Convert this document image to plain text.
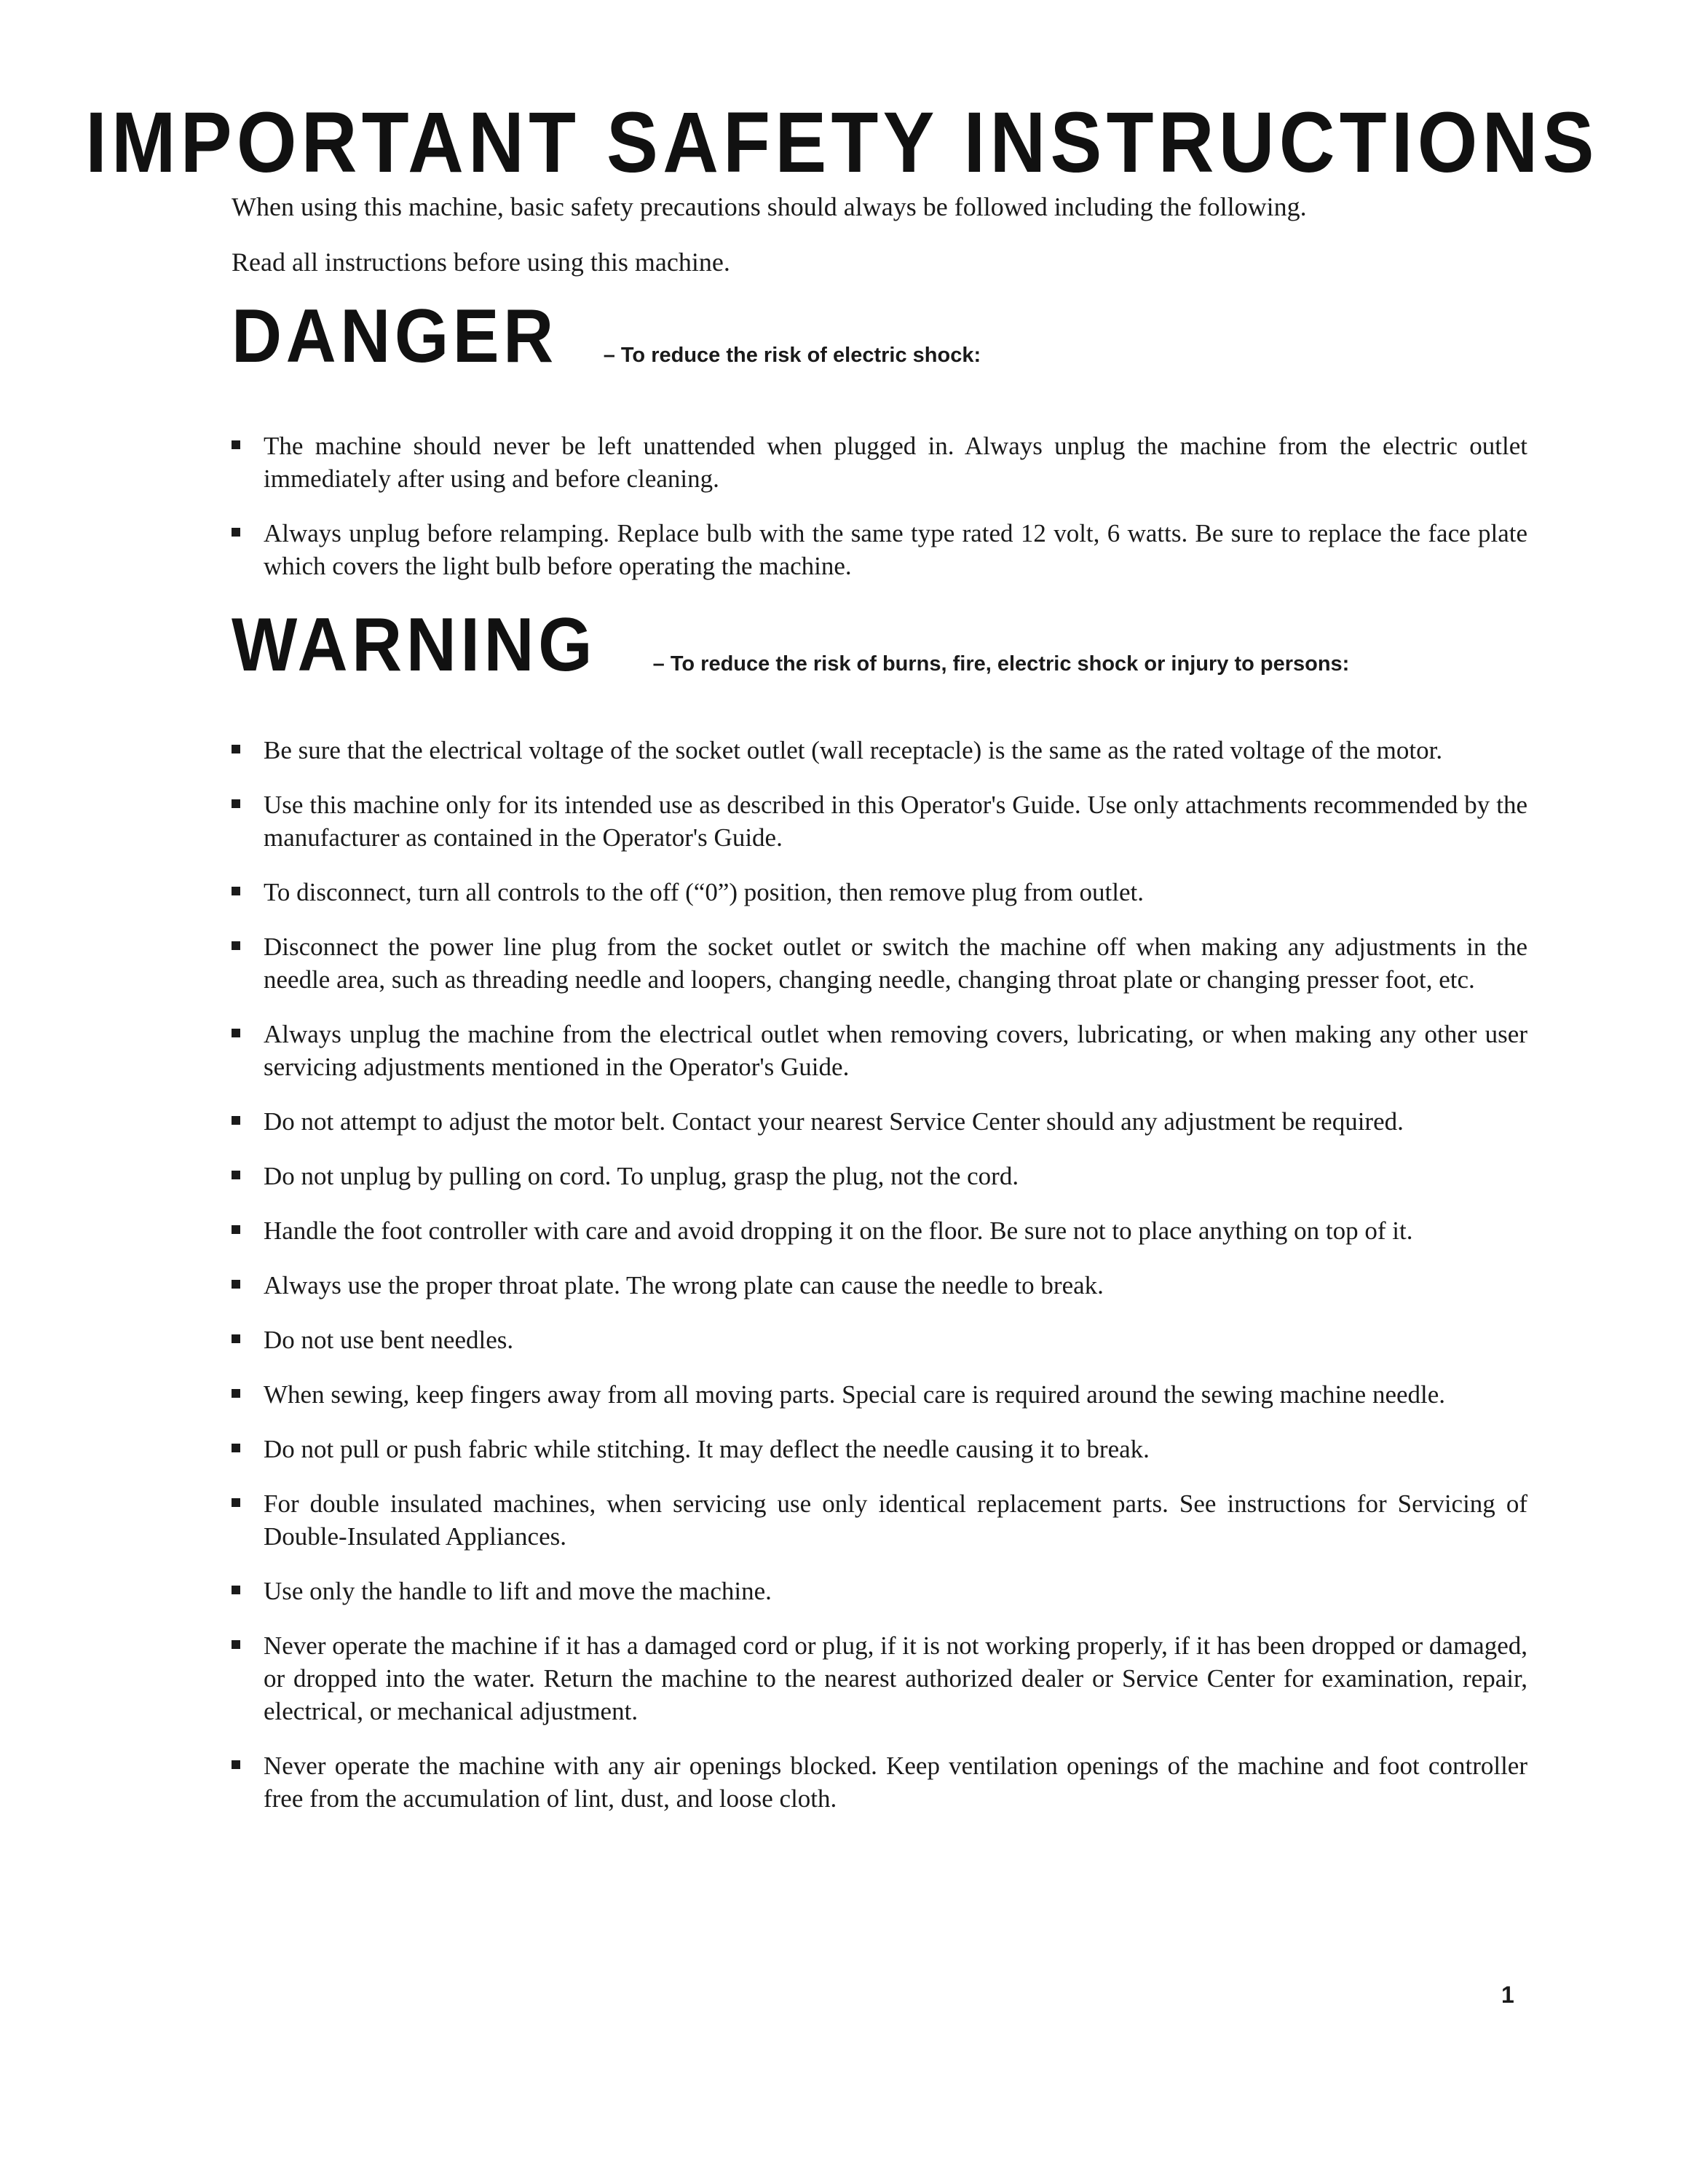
IMPORTANT SAFETY INSTRUCTIONS
When using this machine, basic safety precautions should always be followed including the following.
Read all instructions before using this machine.
DANGER – To reduce the risk of electric shock:
The machine should never be left unattended when plugged in. Always unplug the machine from the electric outlet immediately after using and before cleaning.
Always unplug before relamping. Replace bulb with the same type rated 12 volt, 6 watts. Be sure to replace the face plate which covers the light bulb before operating the machine.
WARNING	– To reduce the risk of burns, fire, electric shock or injury to persons:
Be sure that the electrical voltage of the socket outlet (wall receptacle) is the same as the rated voltage of the motor.
Use this machine only for its intended use as described in this Operator's Guide. Use only attachments recommended by the manufacturer as contained in the Operator's Guide.
To disconnect, turn all controls to the off (“0”) position, then remove plug from outlet.
Disconnect the power line plug from the socket outlet or switch the machine off when making any adjustments in the needle area, such as threading needle and loopers, changing needle, changing throat plate or changing presser foot, etc.
Always unplug the machine from the electrical outlet when removing covers, lubricating, or when making any other user servicing adjustments mentioned in the Operator's Guide.
Do not attempt to adjust the motor belt. Contact your nearest Service Center should any adjustment be required.
Do not unplug by pulling on cord. To unplug, grasp the plug, not the cord.
Handle the foot controller with care and avoid dropping it on the floor. Be sure not to place anything on top of it.
Always use the proper throat plate. The wrong plate can cause the needle to break.
Do not use bent needles.
When sewing, keep fingers away from all moving parts. Special care is required around the sewing machine needle.
Do not pull or push fabric while stitching. It may deflect the needle causing it to break.
For double insulated machines, when servicing use only identical replacement parts. See instructions for Servicing of Double-Insulated Appliances.
Use only the handle to lift and move the machine.
Never operate the machine if it has a damaged cord or plug, if it is not working properly, if it has been dropped or damaged, or dropped into the water. Return the machine to the nearest authorized dealer or Service Center for examination, repair, electrical, or mechanical adjustment.
Never operate the machine with any air openings blocked. Keep ventilation openings of the machine and foot controller free from the accumulation of lint, dust, and loose cloth.
1
